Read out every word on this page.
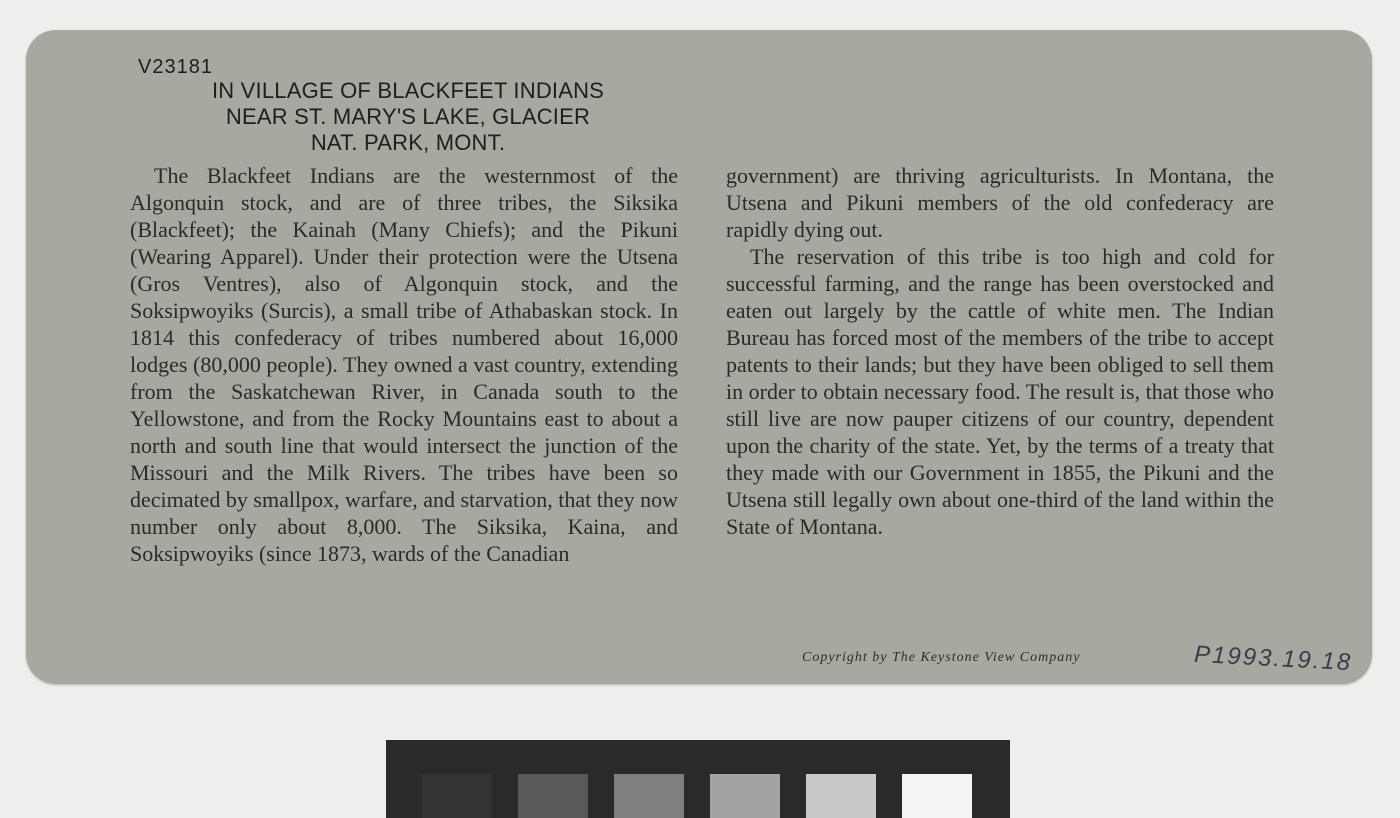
V23181
IN VILLAGE OF BLACKFEET INDIANS
NEAR ST. MARY'S LAKE, GLACIER
NAT. PARK, MONT.

The Blackfeet Indians are the westernmost of the Algonquin stock, and are of three tribes, the Siksika (Blackfeet); the Kainah (Many Chiefs); and the Pikuni (Wearing Apparel). Under their protection were the Utsena (Gros Ventres), also of Algonquin stock, and the Soksipwoyiks (Surcis), a small tribe of Athabaskan stock. In 1814 this confederacy of tribes numbered about 16,000 lodges (80,000 people). They owned a vast country, extending from the Saskatchewan River, in Canada south to the Yellowstone, and from the Rocky Mountains east to about a north and south line that would intersect the junction of the Missouri and the Milk Rivers. The tribes have been so decimated by smallpox, warfare, and starvation, that they now number only about 8,000. The Siksika, Kaina, and Soksipwoyiks (since 1873, wards of the Canadian

government) are thriving agriculturists. In Montana, the Utsena and Pikuni members of the old confederacy are rapidly dying out.

The reservation of this tribe is too high and cold for successful farming, and the range has been overstocked and eaten out largely by the cattle of white men. The Indian Bureau has forced most of the members of the tribe to accept patents to their lands; but they have been obliged to sell them in order to obtain necessary food. The result is, that those who still live are now pauper citizens of our country, dependent upon the charity of the state. Yet, by the terms of a treaty that they made with our Government in 1855, the Pikuni and the Utsena still legally own about one-third of the land within the State of Montana.

Copyright by The Keystone View Company	P1993.19.18
